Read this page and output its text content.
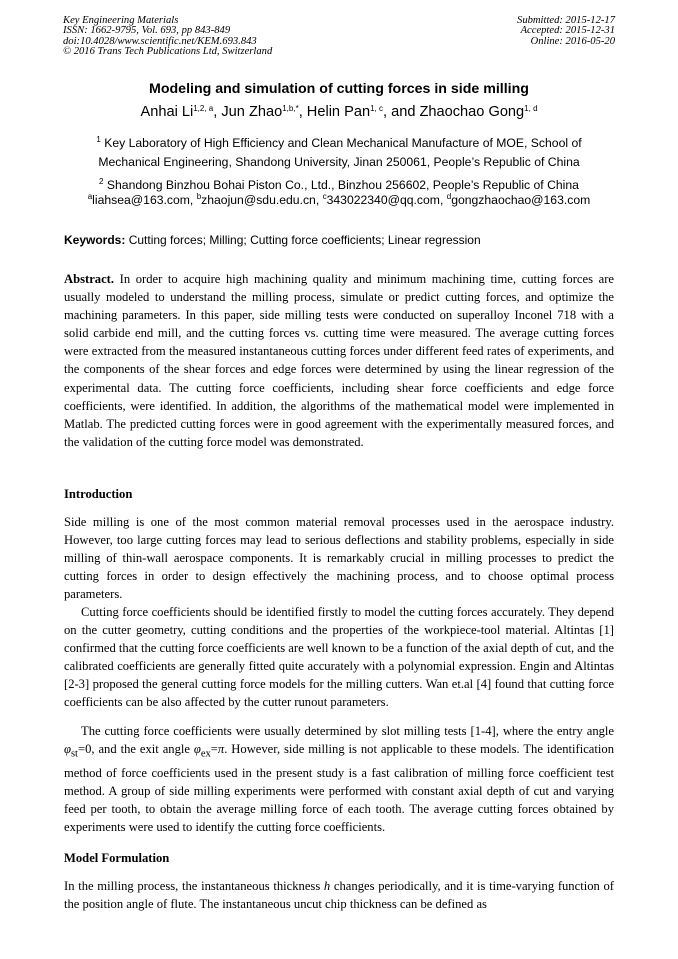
Key Engineering Materials
ISSN: 1662-9795, Vol. 693, pp 843-849
doi:10.4028/www.scientific.net/KEM.693.843
© 2016 Trans Tech Publications Ltd, Switzerland
Submitted: 2015-12-17
Accepted: 2015-12-31
Online: 2016-05-20
Modeling and simulation of cutting forces in side milling
Anhai Li$^{1,2, a}$, Jun Zhao$^{1,b,*}$, Helin Pan$^{1, c}$, and Zhaochao Gong$^{1, d}$
$^1$ Key Laboratory of High Efficiency and Clean Mechanical Manufacture of MOE, School of Mechanical Engineering, Shandong University, Jinan 250061, People’s Republic of China
$^2$ Shandong Binzhou Bohai Piston Co., Ltd., Binzhou 256602, People’s Republic of China
$^a$liahsea@163.com, $^b$zhaojun@sdu.edu.cn, $^c$343022340@qq.com, $^d$gongzhaochao@163.com
Keywords: Cutting forces; Milling; Cutting force coefficients; Linear regression
Abstract. In order to acquire high machining quality and minimum machining time, cutting forces are usually modeled to understand the milling process, simulate or predict cutting forces, and optimize the machining parameters. In this paper, side milling tests were conducted on superalloy Inconel 718 with a solid carbide end mill, and the cutting forces vs. cutting time were measured. The average cutting forces were extracted from the measured instantaneous cutting forces under different feed rates of experiments, and the components of the shear forces and edge forces were determined by using the linear regression of the experimental data. The cutting force coefficients, including shear force coefficients and edge force coefficients, were identified. In addition, the algorithms of the mathematical model were implemented in Matlab. The predicted cutting forces were in good agreement with the experimentally measured forces, and the validation of the cutting force model was demonstrated.
Introduction
Side milling is one of the most common material removal processes used in the aerospace industry. However, too large cutting forces may lead to serious deflections and stability problems, especially in side milling of thin-wall aerospace components. It is remarkably crucial in milling processes to predict the cutting forces in order to design effectively the machining process, and to choose optimal process parameters.
Cutting force coefficients should be identified firstly to model the cutting forces accurately. They depend on the cutter geometry, cutting conditions and the properties of the workpiece-tool material. Altintas [1] confirmed that the cutting force coefficients are well known to be a function of the axial depth of cut, and the calibrated coefficients are generally fitted quite accurately with a polynomial expression. Engin and Altintas [2-3] proposed the general cutting force models for the milling cutters. Wan et.al [4] found that cutting force coefficients can be also affected by the cutter runout parameters.
The cutting force coefficients were usually determined by slot milling tests [1-4], where the entry angle $\varphi_{st}=0$, and the exit angle $\varphi_{ex}=\pi$. However, side milling is not applicable to these models. The identification method of force coefficients used in the present study is a fast calibration of milling force coefficient test method. A group of side milling experiments were performed with constant axial depth of cut and varying feed per tooth, to obtain the average milling force of each tooth. The average cutting forces obtained by experiments were used to identify the cutting force coefficients.
Model Formulation
In the milling process, the instantaneous thickness h changes periodically, and it is time-varying function of the position angle of flute. The instantaneous uncut chip thickness can be defined as
